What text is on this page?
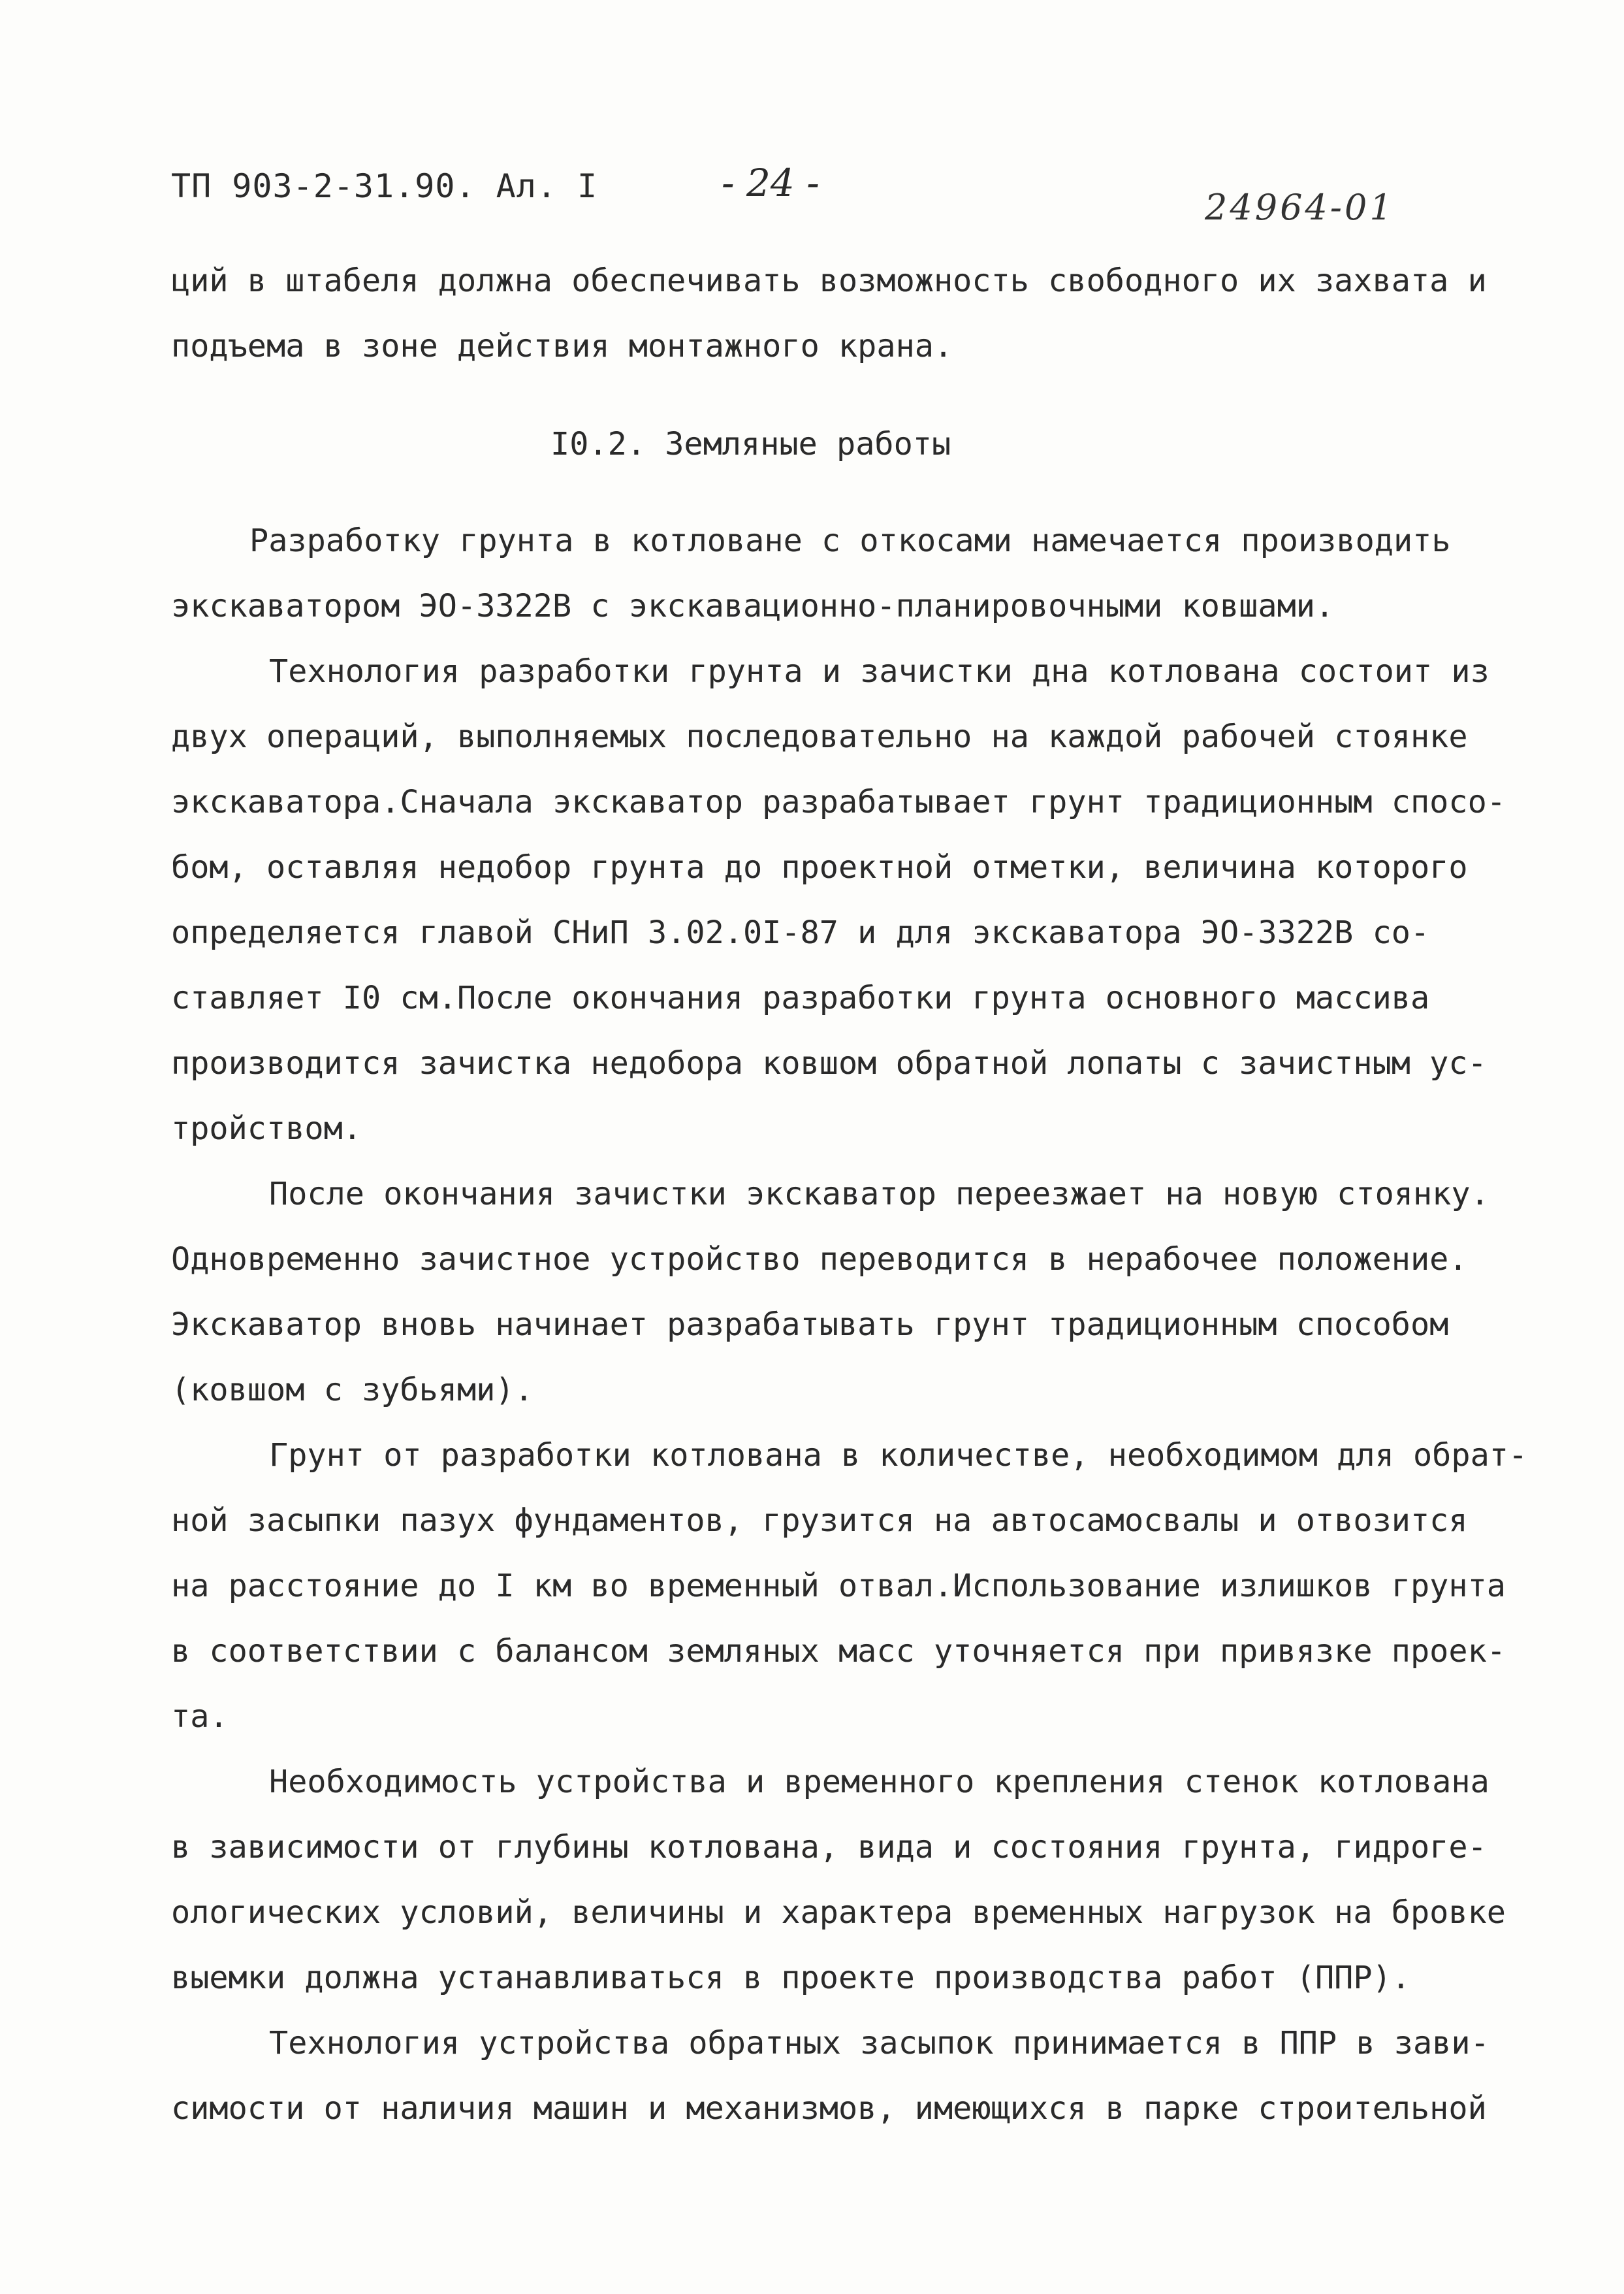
ТП 903-2-31.90. Ал. I	- 24 -
24964-01
ций в штабеля должна обеспечивать возможность свободного их захвата и
подъема в зоне действия монтажного крана.
I0.2. Земляные работы
Разработку грунта в котловане с откосами намечается производить
экскаватором ЭО-3322В с экскавационно-планировочными ковшами.
Технология разработки грунта и зачистки дна котлована состоит из
двух операций, выполняемых последовательно на каждой рабочей стоянке
экскаватора.Сначала экскаватор разрабатывает грунт традиционным спосо-
бом, оставляя недобор грунта до проектной отметки, величина которого
определяется главой СНиП 3.02.0I-87 и для экскаватора ЭО-3322В со-
ставляет I0 см.После окончания разработки грунта основного массива
производится зачистка недобора ковшом обратной лопаты с зачистным ус-
тройством.
После окончания зачистки экскаватор переезжает на новую стоянку.
Одновременно зачистное устройство переводится в нерабочее положение.
Экскаватор вновь начинает разрабатывать грунт традиционным способом
(ковшом с зубьями).
Грунт от разработки котлована в количестве, необходимом для обрат-
ной засыпки пазух фундаментов, грузится на автосамосвалы и отвозится
на расстояние до I км во временный отвал.Использование излишков грунта
в соответствии с балансом земляных масс уточняется при привязке проек-
та.
Необходимость устройства и временного крепления стенок котлована
в зависимости от глубины котлована, вида и состояния грунта, гидроге-
ологических условий, величины и характера временных нагрузок на бровке
выемки должна устанавливаться в проекте производства работ (ППР).
Технология устройства обратных засыпок принимается в ППР в зави-
симости от наличия машин и механизмов, имеющихся в парке строительной
